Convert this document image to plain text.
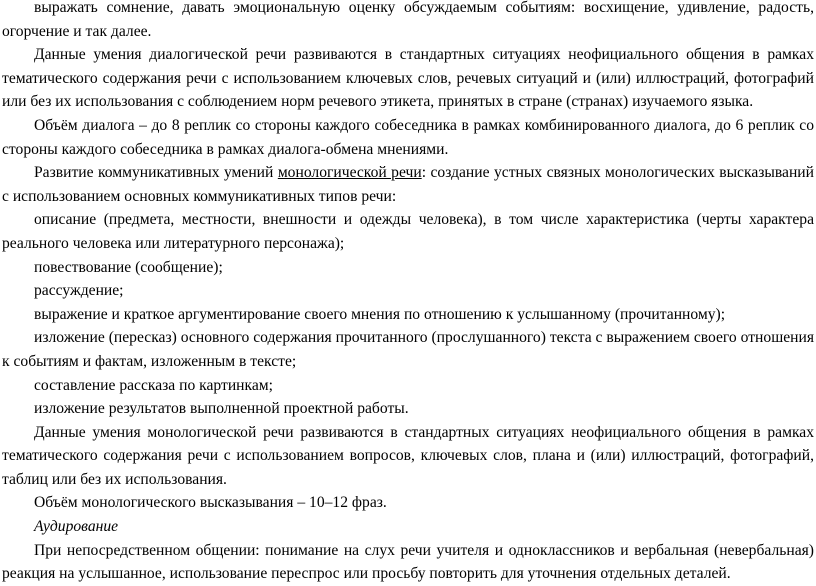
выражать сомнение, давать эмоциональную оценку обсуждаемым событиям: восхищение, удивление, радость, огорчение и так далее.

Данные умения диалогической речи развиваются в стандартных ситуациях неофициального общения в рамках тематического содержания речи с использованием ключевых слов, речевых ситуаций и (или) иллюстраций, фотографий или без их использования с соблюдением норм речевого этикета, принятых в стране (странах) изучаемого языка.

Объём диалога – до 8 реплик со стороны каждого собеседника в рамках комбинированного диалога, до 6 реплик со стороны каждого собеседника в рамках диалога-обмена мнениями.

Развитие коммуникативных умений монологической речи: создание устных связных монологических высказываний с использованием основных коммуникативных типов речи:

описание (предмета, местности, внешности и одежды человека), в том числе характеристика (черты характера реального человека или литературного персонажа);

повествование (сообщение);

рассуждение;

выражение и краткое аргументирование своего мнения по отношению к услышанному (прочитанному);

изложение (пересказ) основного содержания прочитанного (прослушанного) текста с выражением своего отношения к событиям и фактам, изложенным в тексте;

составление рассказа по картинкам;

изложение результатов выполненной проектной работы.

Данные умения монологической речи развиваются в стандартных ситуациях неофициального общения в рамках тематического содержания речи с использованием вопросов, ключевых слов, плана и (или) иллюстраций, фотографий, таблиц или без их использования.

Объём монологического высказывания – 10–12 фраз.

Аудирование

При непосредственном общении: понимание на слух речи учителя и одноклассников и вербальная (невербальная) реакция на услышанное, использование переспрос или просьбу повторить для уточнения отдельных деталей.
